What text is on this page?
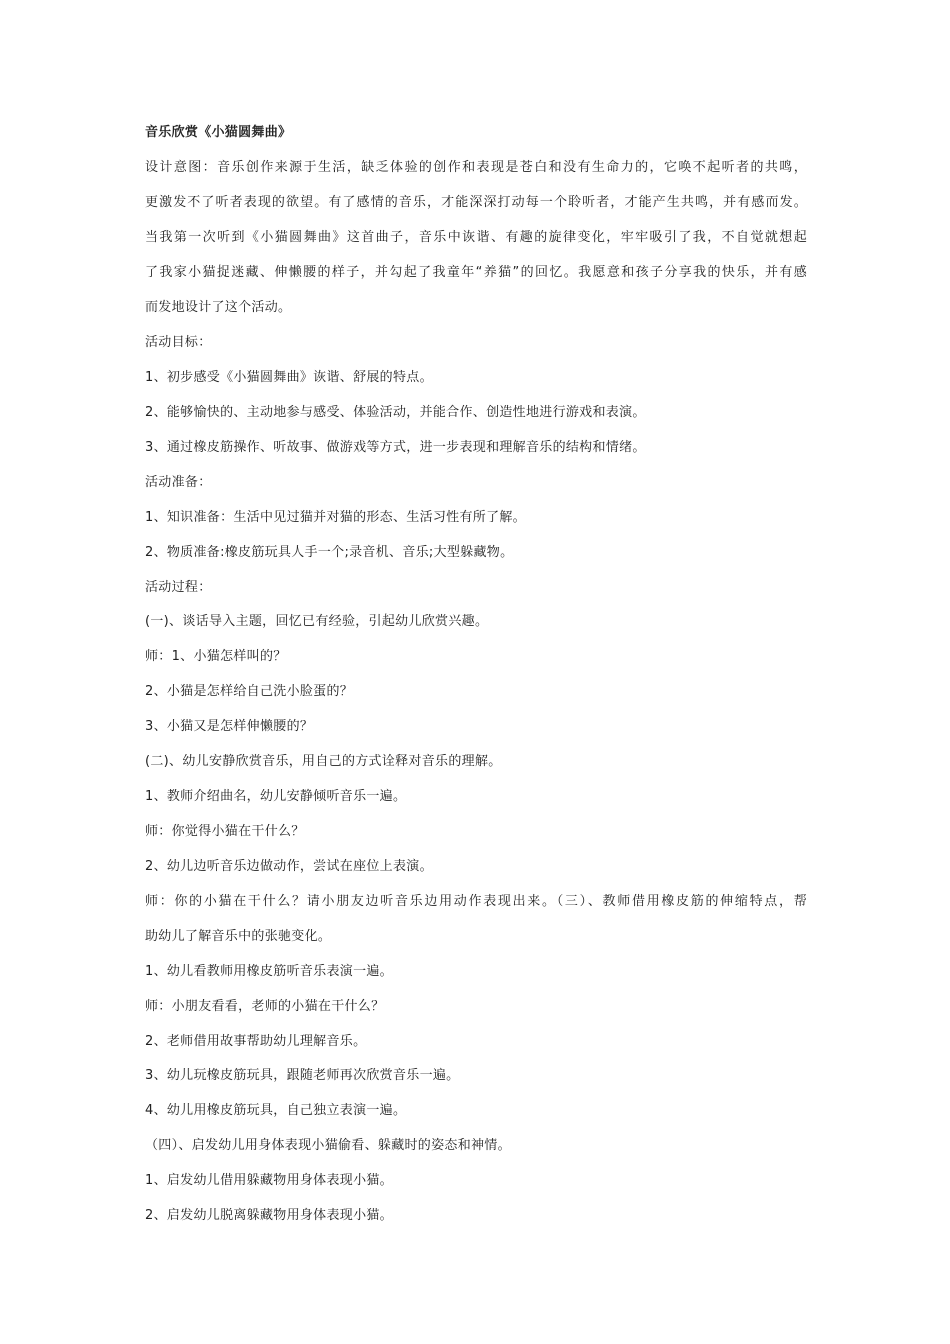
音乐欣赏《小猫圆舞曲》
设计意图：音乐创作来源于生活，缺乏体验的创作和表现是苍白和没有生命力的，它唤不起听者的共鸣，
更激发不了听者表现的欲望。有了感情的音乐，才能深深打动每一个聆听者，才能产生共鸣，并有感而发。
当我第一次听到《小猫圆舞曲》这首曲子，音乐中诙谐、有趣的旋律变化，牢牢吸引了我，不自觉就想起
了我家小猫捉迷藏、伸懒腰的样子，并勾起了我童年“养猫”的回忆。我愿意和孩子分享我的快乐，并有感
而发地设计了这个活动。
活动目标：
1、初步感受《小猫圆舞曲》诙谐、舒展的特点。
2、能够愉快的、主动地参与感受、体验活动，并能合作、创造性地进行游戏和表演。
3、通过橡皮筋操作、听故事、做游戏等方式，进一步表现和理解音乐的结构和情绪。
活动准备：
1、知识准备：生活中见过猫并对猫的形态、生活习性有所了解。
2、物质准备:橡皮筋玩具人手一个;录音机、音乐;大型躲藏物。
活动过程：
(一)、谈话导入主题，回忆已有经验，引起幼儿欣赏兴趣。
师：1、小猫怎样叫的？
2、小猫是怎样给自己洗小脸蛋的？
3、小猫又是怎样伸懒腰的？
(二)、幼儿安静欣赏音乐，用自己的方式诠释对音乐的理解。
1、教师介绍曲名，幼儿安静倾听音乐一遍。
师：你觉得小猫在干什么？
2、幼儿边听音乐边做动作，尝试在座位上表演。
师：你的小猫在干什么？请小朋友边听音乐边用动作表现出来。（三）、教师借用橡皮筋的伸缩特点，帮
助幼儿了解音乐中的张驰变化。
1、幼儿看教师用橡皮筋听音乐表演一遍。
师：小朋友看看，老师的小猫在干什么？
2、老师借用故事帮助幼儿理解音乐。
3、幼儿玩橡皮筋玩具，跟随老师再次欣赏音乐一遍。
4、幼儿用橡皮筋玩具，自己独立表演一遍。
（四）、启发幼儿用身体表现小猫偷看、躲藏时的姿态和神情。
1、启发幼儿借用躲藏物用身体表现小猫。
2、启发幼儿脱离躲藏物用身体表现小猫。
